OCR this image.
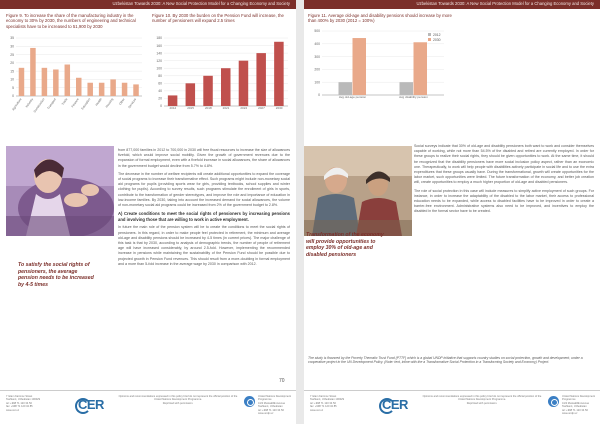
Uzbekistan Towards 2030: A New Social Protection Model for a Changing Economy and Society
Figure 9. To increase the share of the manufacturing industry in the economy to 30% by 2030, the numbers of engineering and technical specialists have to be increased to 51,900 by 2030
Figure 10. By 2030 the burden on the Pension Fund will increase, the number of pensioners will expand 2.5 times
0
5
10
15
20
25
30
35
Agriculture Industry
Construction Transport Trade Finance Education Health Housing Other Services	0
20
40
60
80
100
120
140
160
180
2012	2015	2018	2021	2024	2027	2030

from 877,000 families in 2012 to 700,000 in 2030 will free fiscal resources to increase the size of allowances fivefold, which would improve social mobility. Given the growth of government revenues due to the expansion of formal employment, even with a fivefold increase in social allowances, the share of allowances in the government budget would decline from 5.7% to 4.8%.

The decrease in the number of welfare recipients will create additional opportunities to expand the coverage of social programs to increase their transformative effect. Such programs might include non-monetary social aid programs for pupils (providing sports wear for girls, providing textbooks, school supplies and winter clothing for pupils). According to survey results, such programs stimulate the enrollment of girls in sports, contribute to the transformation of gender stereotypes, and improve the role and importance of education in low-income families. By 2030, taking into account the increased demand for social allowances, the volume of non-monetary social aid programs could be increased from 2% of the government budget to 2.8%.

A) Create conditions to meet the social rights of pensioners by increasing pensions and involving those that are willing to work in active employment.

In future the main role of the pension system will be to create the conditions to meet the social rights of pensioners. In this regard, in order to make people feel protected in retirement, the minimum and average old-age and disability pensions should be increased by 4-5 times (in current prices). The major challenge of this task is that by 2030, according to analysis of demographic trends, the number of people of retirement age will have increased considerably, by around 2.5-fold. However, implementing the recommended increase in pensions while maintaining the sustainability of the Pension Fund should be possible due to projected growth in Pension Fund revenues. This should result from a more-doubling in formal employment and a more than 5-fold increase in the average wage by 2030 in comparison with 2012.

To satisfy the social rights of pensioners, the average pension needs to be increased by 4-5 times
70
7 Islam Karimov Street
Tashkent, Uzbekistan 100029
tel: +998 71 120 34 50
fax: +998 71 120 34 85
www.cer.uz	CER
Opinions and recommendations expressed in this policy brief do not represent the official position of the United Nations Development Programme.
Reprinted with permission.
United Nations Development Programme
41/3 Mustakillik Avenue
Tashkent, Uzbekistan
tel: +998 71 120 34 50
www.undp.uz
Uzbekistan Towards 2030: A New Social Protection Model for a Changing Economy and Society
Figure 11. Average old-age and disability pensions should increase by more than 400% by 2030 (2012 = 100%)
0
100
200
300
400
500
Avg old-age pension	Avg disability pension
2012
2030
Transformation of the economy will provide opportunities to employ 30% of old-age and disabled pensioners

Social surveys indicate that 30% of old-age and disability pensioners both want to work and consider themselves capable of working, while not more than 54.5% of the disabled and retired are currently employed. In order for these groups to realize their social rights, they should be given opportunities to work. At the same time, it should be recognized that the disability pensioners have more social inclusion policy aspect, rather than an economic one. Therapeutically, to work will help people with disabilities actively participate in social life and to use the extra expenditures that these groups usually have. During the transformational, growth will create opportunities for the labor market, such opportunities were limited. The future transformation of the economy, and better job creation will, create opportunities to employ a much higher proportion of old-age and disabled pensioners.

The role of social protection in this case will include measures to simplify active employment of such groups. For instance, in order to increase the adaptability of the disabled to the labor market, their access to professional education needs to be expanded, while access to disabled facilities have to be improved in order to create a barrier-free environment. Administrative systems also need to be improved, and incentives to employ the disabled in the formal sector have to be created.

The study is financed by the Poverty Thematic Trust Fund (PTTF) which is a global UNDP initiative that supports country studies on social protection, growth and development, under a cooperative project in the UN Development Policy. (Note: text, inline with the a Transformative Social Protection in a Transforming Society and Economy) Project.
7 Islam Karimov Street
Tashkent, Uzbekistan 100029
tel: +998 71 120 34 50
fax: +998 71 120 34 85
www.cer.uz	CER
Opinions and recommendations expressed in this policy brief do not represent the official position of the United Nations Development Programme.
Reprinted with permission.
United Nations Development Programme
41/3 Mustakillik Avenue
Tashkent, Uzbekistan
tel: +998 71 120 34 50
www.undp.uz
